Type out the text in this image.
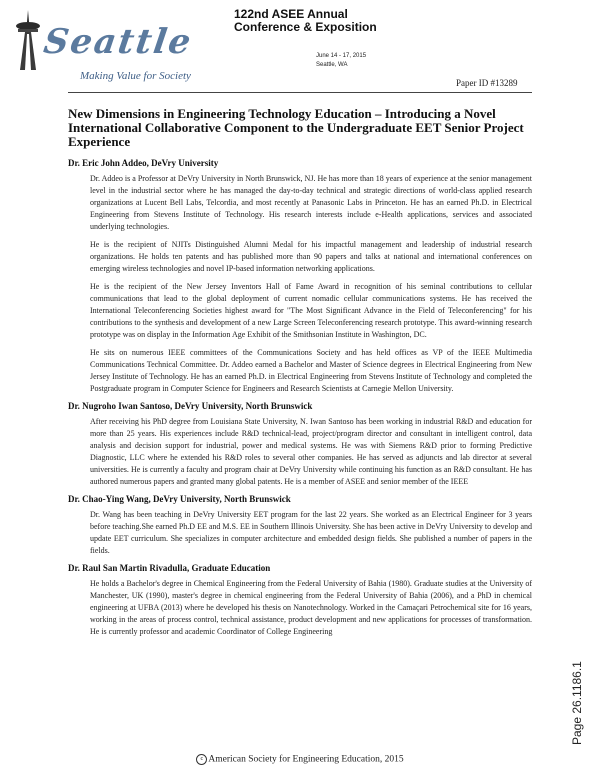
Seattle
Making Value for Society
122nd ASEE Annual
Conference & Exposition
June 14 - 17, 2015
Seattle, WA
Paper ID #13289
New Dimensions in Engineering Technology Education – Introducing a Novel International Collaborative Component to the Undergraduate EET Senior Project Experience

Dr. Eric John Addeo, DeVry University

Dr. Addeo is a Professor at DeVry University in North Brunswick, NJ. He has more than 18 years of experience at the senior management level in the industrial sector where he has managed the day-to-day technical and strategic directions of world-class applied research organizations at Lucent Bell Labs, Telcordia, and most recently at Panasonic Labs in Princeton. He has an earned Ph.D. in Electrical Engineering from Stevens Institute of Technology. His research interests include e-Health applications, services and associated underlying technologies.

He is the recipient of NJITs Distinguished Alumni Medal for his impactful management and leadership of industrial research organizations. He holds ten patents and has published more than 90 papers and talks at national and international conferences on emerging wireless technologies and novel IP-based information networking applications.

He is the recipient of the New Jersey Inventors Hall of Fame Award in recognition of his seminal contributions to cellular communications that lead to the global deployment of current nomadic cellular communications systems. He has received the International Teleconferencing Societies highest award for "The Most Significant Advance in the Field of Teleconferencing" for his contributions to the synthesis and development of a new Large Screen Teleconferencing research prototype. This award-winning research prototype was on display in the Information Age Exhibit of the Smithsonian Institute in Washington, DC.

He sits on numerous IEEE committees of the Communications Society and has held offices as VP of the IEEE Multimedia Communications Technical Committee. Dr. Addeo earned a Bachelor and Master of Science degrees in Electrical Engineering from New Jersey Institute of Technology. He has an earned Ph.D. in Electrical Engineering from Stevens Institute of Technology and completed the Postgraduate program in Computer Science for Engineers and Research Scientists at Carnegie Mellon University.

Dr. Nugroho Iwan Santoso, DeVry University, North Brunswick

After receiving his PhD degree from Louisiana State University, N. Iwan Santoso has been working in industrial R&D and education for more than 25 years. His experiences include R&D technical-lead, project/program director and consultant in intelligent control, data analysis and decision support for industrial, power and medical systems. He was with Siemens R&D prior to forming Predictive Diagnostic, LLC where he extended his R&D roles to several other companies. He has served as adjuncts and lab director at several universities. He is currently a faculty and program chair at DeVry University while continuing his function as an R&D consultant. He has authored numerous papers and granted many global patents. He is a member of ASEE and senior member of the IEEE

Dr. Chao-Ying Wang, DeVry University, North Brunswick

Dr. Wang has been teaching in DeVry University EET program for the last 22 years. She worked as an Electrical Engineer for 3 years before teaching.She earned Ph.D EE and M.S. EE in Southern Illinois University. She has been active in DeVry University to develop and update EET curriculum. She specializes in computer architecture and embedded design fields. She published a number of papers in the fields.

Dr. Raul San Martin Rivadulla, Graduate Education

He holds a Bachelor's degree in Chemical Engineering from the Federal University of Bahia (1980). Graduate studies at the University of Manchester, UK (1990), master's degree in chemical engineering from the Federal University of Bahia (2006), and a PhD in chemical engineering at UFBA (2013) where he developed his thesis on Nanotechnology. Worked in the Camaçari Petrochemical site for 16 years, working in the areas of process control, technical assistance, product development and new applications for processes of transformation. He is currently professor and academic Coordinator of College Engineering

c American Society for Engineering Education, 2015
Page 26.1186.1
